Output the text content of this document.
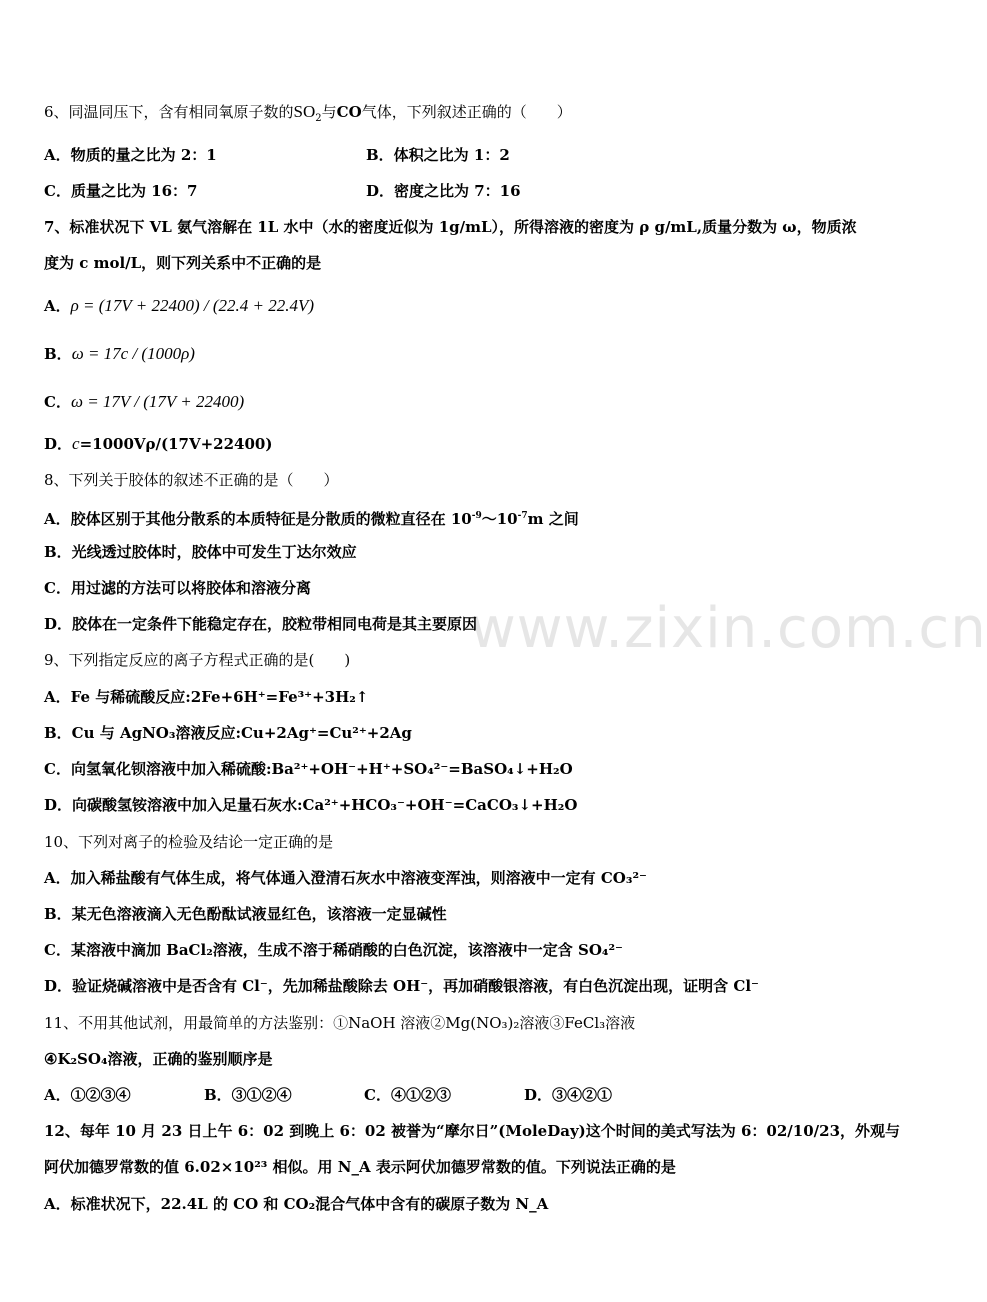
www.zixin.com.cn
6、同温同压下，含有相同氧原子数的$SO_2$与CO气体，下列叙述正确的（　　）
A．物质的量之比为 2：1	B．体积之比为 1：2
C．质量之比为 16：7	D．密度之比为 7：16
7、标准状况下 VL 氨气溶解在 1L 水中（水的密度近似为 1g/mL），所得溶液的密度为 ρ g/mL,质量分数为 ω，物质浓
度为 c mol/L，则下列关系中不正确的是
A．ρ = (17V + 22400) / (22.4 + 22.4V)
B．ω = 17c / (1000ρ)
C．ω = 17V / (17V + 22400)
D．c=1000Vρ/(17V+22400)
8、下列关于胶体的叙述不正确的是（　　）
A．胶体区别于其他分散系的本质特征是分散质的微粒直径在 $10^{-9}\sim 10^{-7}m$ 之间
B．光线透过胶体时，胶体中可发生丁达尔效应
C．用过滤的方法可以将胶体和溶液分离
D．胶体在一定条件下能稳定存在，胶粒带相同电荷是其主要原因
9、下列指定反应的离子方程式正确的是(　　)
A．Fe 与稀硫酸反应:2Fe+6H⁺=Fe³⁺+3H₂↑
B．Cu 与 AgNO₃溶液反应:Cu+2Ag⁺=Cu²⁺+2Ag
C．向氢氧化钡溶液中加入稀硫酸:Ba²⁺+OH⁻+H⁺+SO₄²⁻=BaSO₄↓+H₂O
D．向碳酸氢铵溶液中加入足量石灰水:Ca²⁺+HCO₃⁻+OH⁻=CaCO₃↓+H₂O
10、下列对离子的检验及结论一定正确的是
A．加入稀盐酸有气体生成，将气体通入澄清石灰水中溶液变浑浊，则溶液中一定有 CO₃²⁻
B．某无色溶液滴入无色酚酞试液显红色，该溶液一定显碱性
C．某溶液中滴加 BaCl₂溶液，生成不溶于稀硝酸的白色沉淀，该溶液中一定含 SO₄²⁻
D．验证烧碱溶液中是否含有 Cl⁻，先加稀盐酸除去 OH⁻，再加硝酸银溶液，有白色沉淀出现，证明含 Cl⁻
11、不用其他试剂，用最简单的方法鉴别：①NaOH 溶液②Mg(NO₃)₂溶液③FeCl₃溶液
④K₂SO₄溶液，正确的鉴别顺序是
A．①②③④	B．③①②④	C．④①②③	D．③④②①
12、每年 10 月 23 日上午 6：02 到晚上 6：02 被誉为“摩尔日”(MoleDay)这个时间的美式写法为 6：02/10/23，外观与
阿伏加德罗常数的值 6.02×10²³ 相似。用 N_A 表示阿伏加德罗常数的值。下列说法正确的是
A．标准状况下，22.4L 的 CO 和 CO₂混合气体中含有的碳原子数为 N_A
